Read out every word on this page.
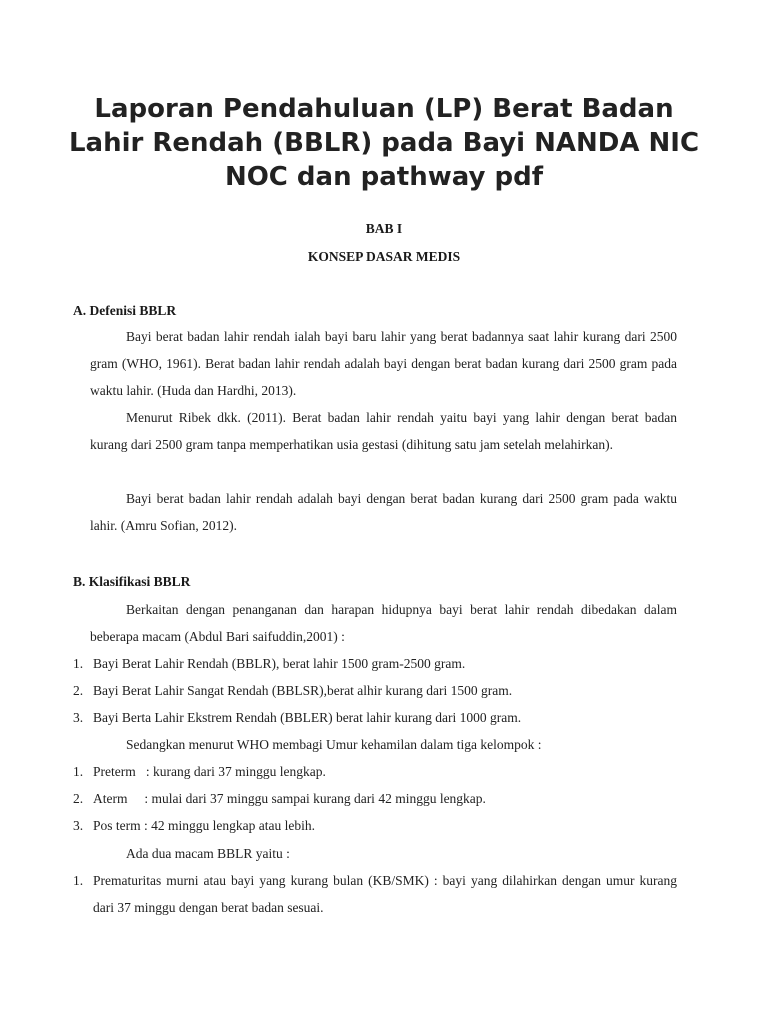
Laporan Pendahuluan (LP) Berat Badan Lahir Rendah (BBLR) pada Bayi NANDA NIC NOC dan pathway pdf

BAB I

KONSEP DASAR MEDIS

A. Defenisi BBLR

Bayi berat badan lahir rendah ialah bayi baru lahir yang berat badannya saat lahir kurang dari 2500 gram (WHO, 1961). Berat badan lahir rendah adalah bayi dengan berat badan kurang dari 2500 gram pada waktu lahir. (Huda dan Hardhi, 2013).

Menurut Ribek dkk. (2011). Berat badan lahir rendah yaitu bayi yang lahir dengan berat badan kurang dari 2500 gram tanpa memperhatikan usia gestasi (dihitung satu jam setelah melahirkan).

Bayi berat badan lahir rendah adalah bayi dengan berat badan kurang dari 2500 gram pada waktu lahir. (Amru Sofian, 2012).

B. Klasifikasi BBLR

Berkaitan dengan penanganan dan harapan hidupnya bayi berat lahir rendah dibedakan dalam beberapa macam (Abdul Bari saifuddin,2001) :

1. Bayi Berat Lahir Rendah (BBLR), berat lahir 1500 gram-2500 gram.
2. Bayi Berat Lahir Sangat Rendah (BBLSR),berat alhir kurang dari 1500 gram.
3. Bayi Berta Lahir Ekstrem Rendah (BBLER) berat lahir kurang dari 1000 gram.

Sedangkan menurut WHO membagi Umur kehamilan dalam tiga kelompok :

1. Preterm   : kurang dari 37 minggu lengkap.
2. Aterm     : mulai dari 37 minggu sampai kurang dari 42 minggu lengkap.
3. Pos term : 42 minggu lengkap atau lebih.

Ada dua macam BBLR yaitu :

1. Prematuritas murni atau bayi yang kurang bulan (KB/SMK) : bayi yang dilahirkan dengan umur kurang dari 37 minggu dengan berat badan sesuai.
